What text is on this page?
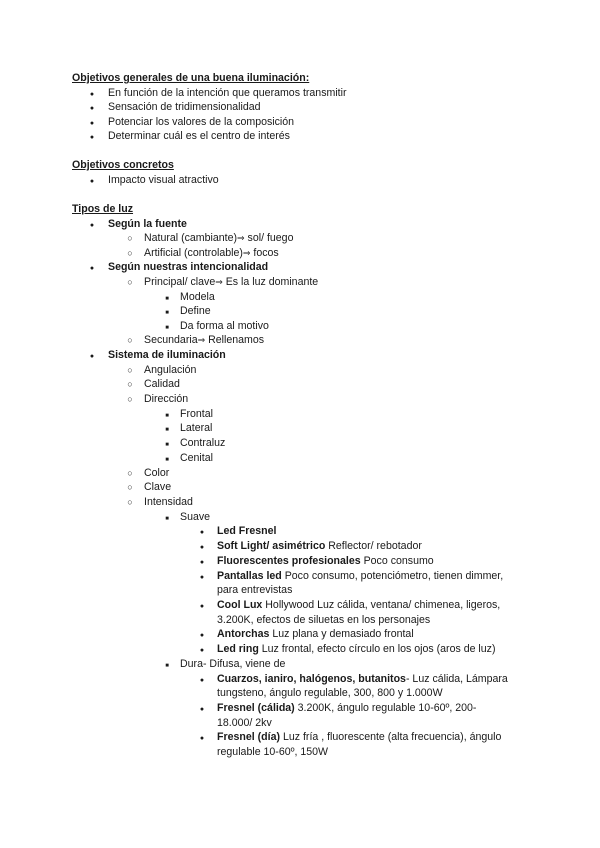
Objetivos generales de una buena iluminación:
●
En función de la intención que queramos transmitir
●
Sensación de tridimensionalidad
●
Potenciar los valores de la composición
●
Determinar cuál es el centro de interés
Objetivos concretos
●
Impacto visual atractivo
Tipos de luz
●
Según la fuente
○
Natural (cambiante)⇒ sol/ fuego
○
Artificial (controlable)⇒ focos
●
Según nuestras intencionalidad
○
Principal/ clave⇒ Es la luz dominante
■
Modela
■
Define
■
Da forma al motivo
○
Secundaria⇒ Rellenamos
●
Sistema de iluminación
○
Angulación
○
Calidad
○
Dirección
■
Frontal
■
Lateral
■
Contraluz
■
Cenital
○
Color
○
Clave
○
Intensidad
■
Suave
●
Led Fresnel
●
Soft Light/ asimétrico Reflector/ rebotador
●
Fluorescentes profesionales Poco consumo
●
Pantallas led Poco consumo, potenciómetro, tienen dimmer,
para entrevistas
●
Cool Lux Hollywood Luz cálida, ventana/ chimenea, ligeros,
3.200K, efectos de siluetas en los personajes
●
Antorchas Luz plana y demasiado frontal
●
Led ring Luz frontal, efecto círculo en los ojos (aros de luz)
■
Dura- Difusa, viene de
●
Cuarzos, ianiro, halógenos, butanitos- Luz cálida, Lámpara
tungsteno, ángulo regulable, 300, 800 y 1.000W
●
Fresnel (cálida) 3.200K, ángulo regulable 10-60º, 200-
18.000/ 2kv
●
Fresnel (día) Luz fría , fluorescente (alta frecuencia), ángulo
regulable 10-60º, 150W
